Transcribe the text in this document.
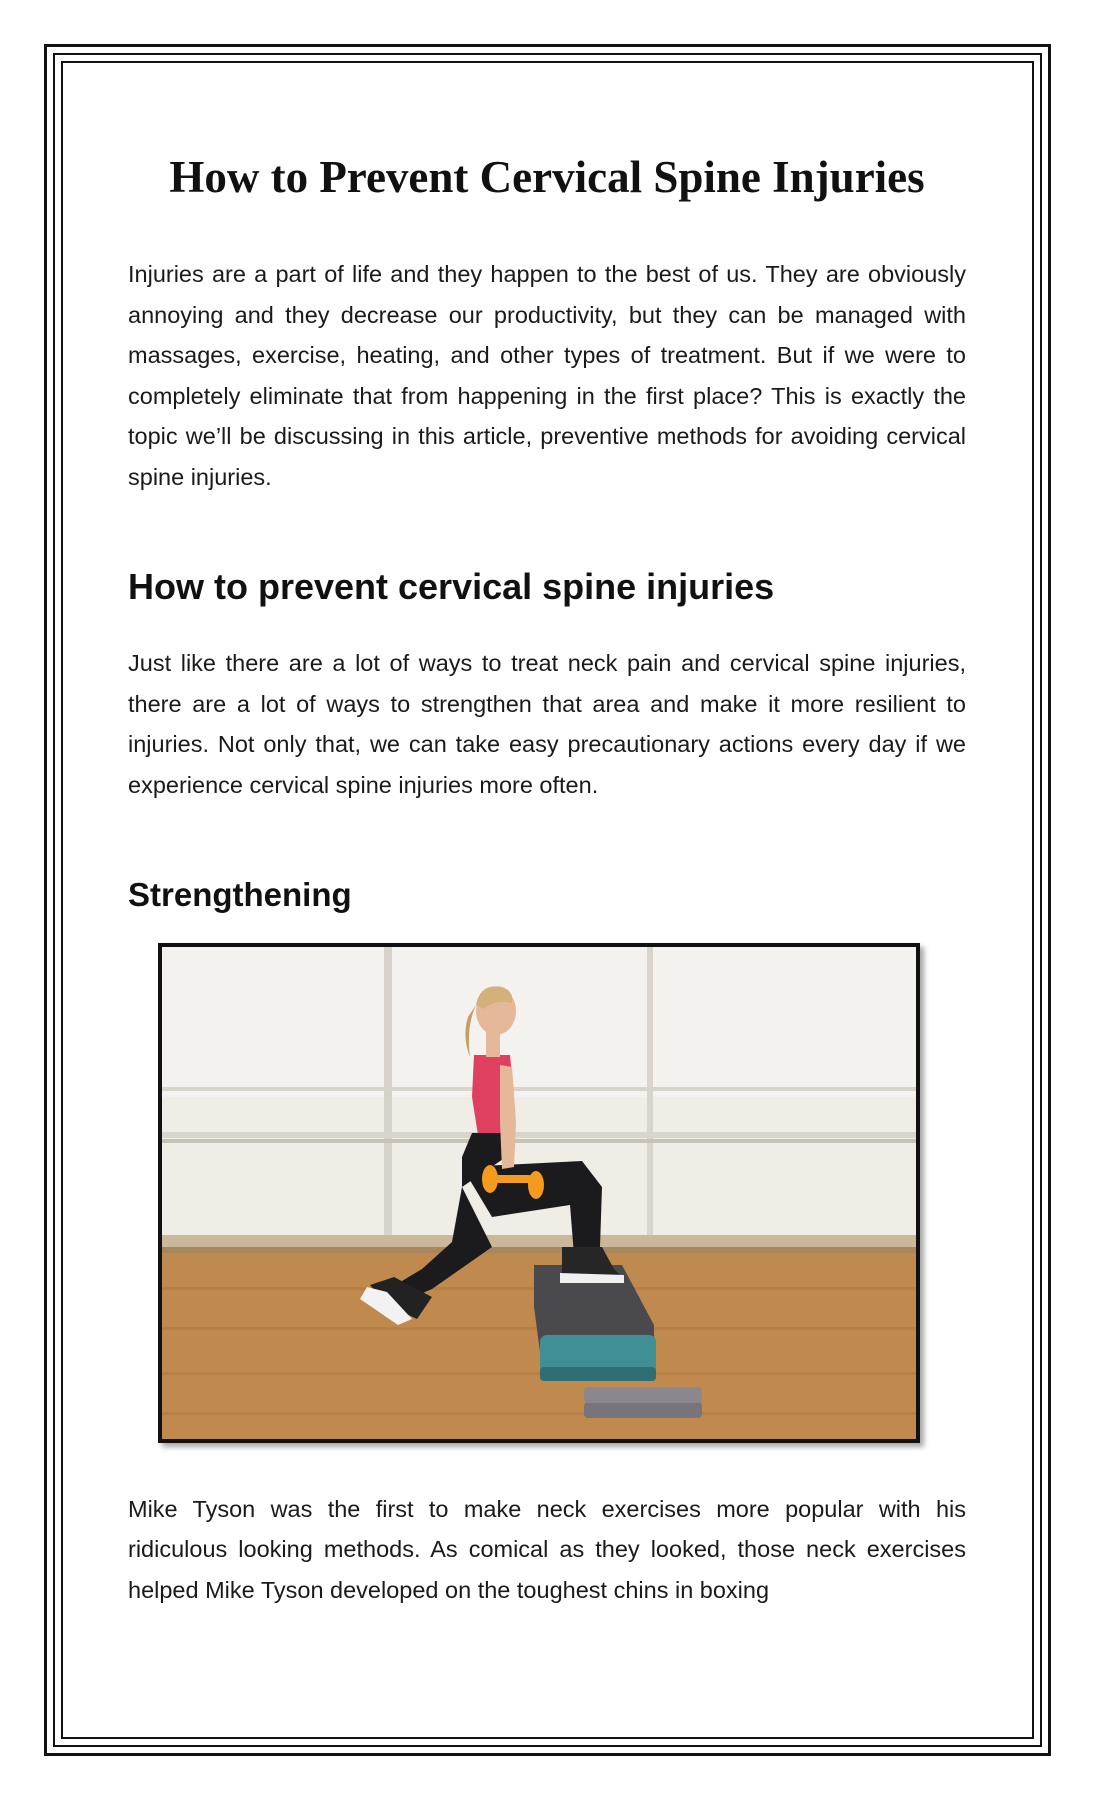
How to Prevent Cervical Spine Injuries

Injuries are a part of life and they happen to the best of us. They are obviously annoying and they decrease our productivity, but they can be managed with massages, exercise, heating, and other types of treatment. But if we were to completely eliminate that from happening in the first place? This is exactly the topic we’ll be discussing in this article, preventive methods for avoiding cervical spine injuries.

How to prevent cervical spine injuries

Just like there are a lot of ways to treat neck pain and cervical spine injuries, there are a lot of ways to strengthen that area and make it more resilient to injuries. Not only that, we can take easy precautionary actions every day if we experience cervical spine injuries more often.

Strengthening

Mike Tyson was the first to make neck exercises more popular with his ridiculous looking methods. As comical as they looked, those neck exercises helped Mike Tyson developed on the toughest chins in boxing
